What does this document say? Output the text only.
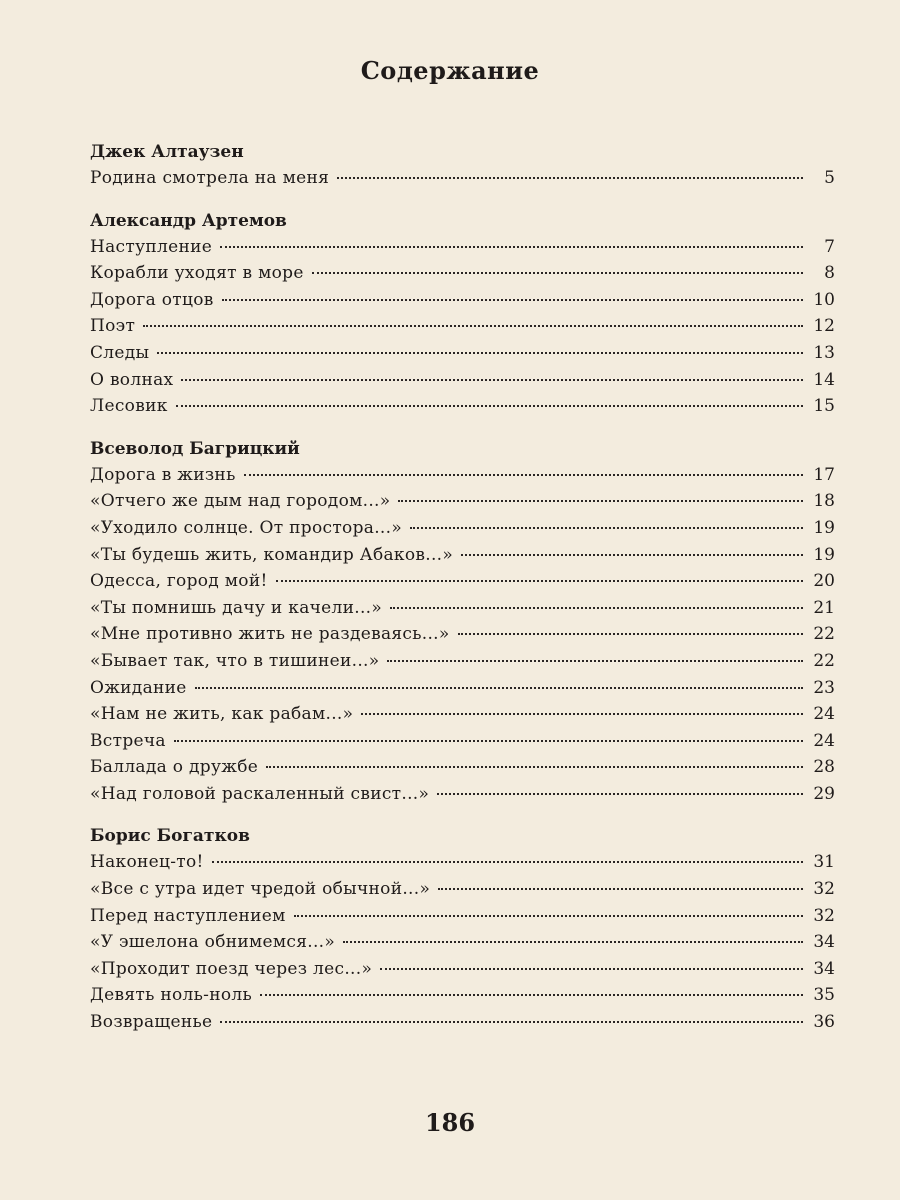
Содержание
Джек Алтаузен
Родина смотрела на меня	5
Александр Артемов
Наступление	7
Корабли уходят в море	8
Дорога отцов	10
Поэт	12
Следы	13
О волнах	14
Лесовик	15
Всеволод Багрицкий
Дорога в жизнь	17
«Отчего же дым над городом...»	18
«Уходило солнце. От простора...»	19
«Ты будешь жить, командир Абаков...»	19
Одесса, город мой!	20
«Ты помнишь дачу и качели...»	21
«Мне противно жить не раздеваясь...»	22
«Бывает так, что в тишинеи...»	22
Ожидание	23
«Нам не жить, как рабам...»	24
Встреча	24
Баллада о дружбе	28
«Над головой раскаленный свист...»	29
Борис Богатков
Наконец-то!	31
«Все с утра идет чредой обычной...»	32
Перед наступлением	32
«У эшелона обнимемся...»	34
«Проходит поезд через лес...»	34
Девять ноль-ноль	35
Возвращенье	36
186
